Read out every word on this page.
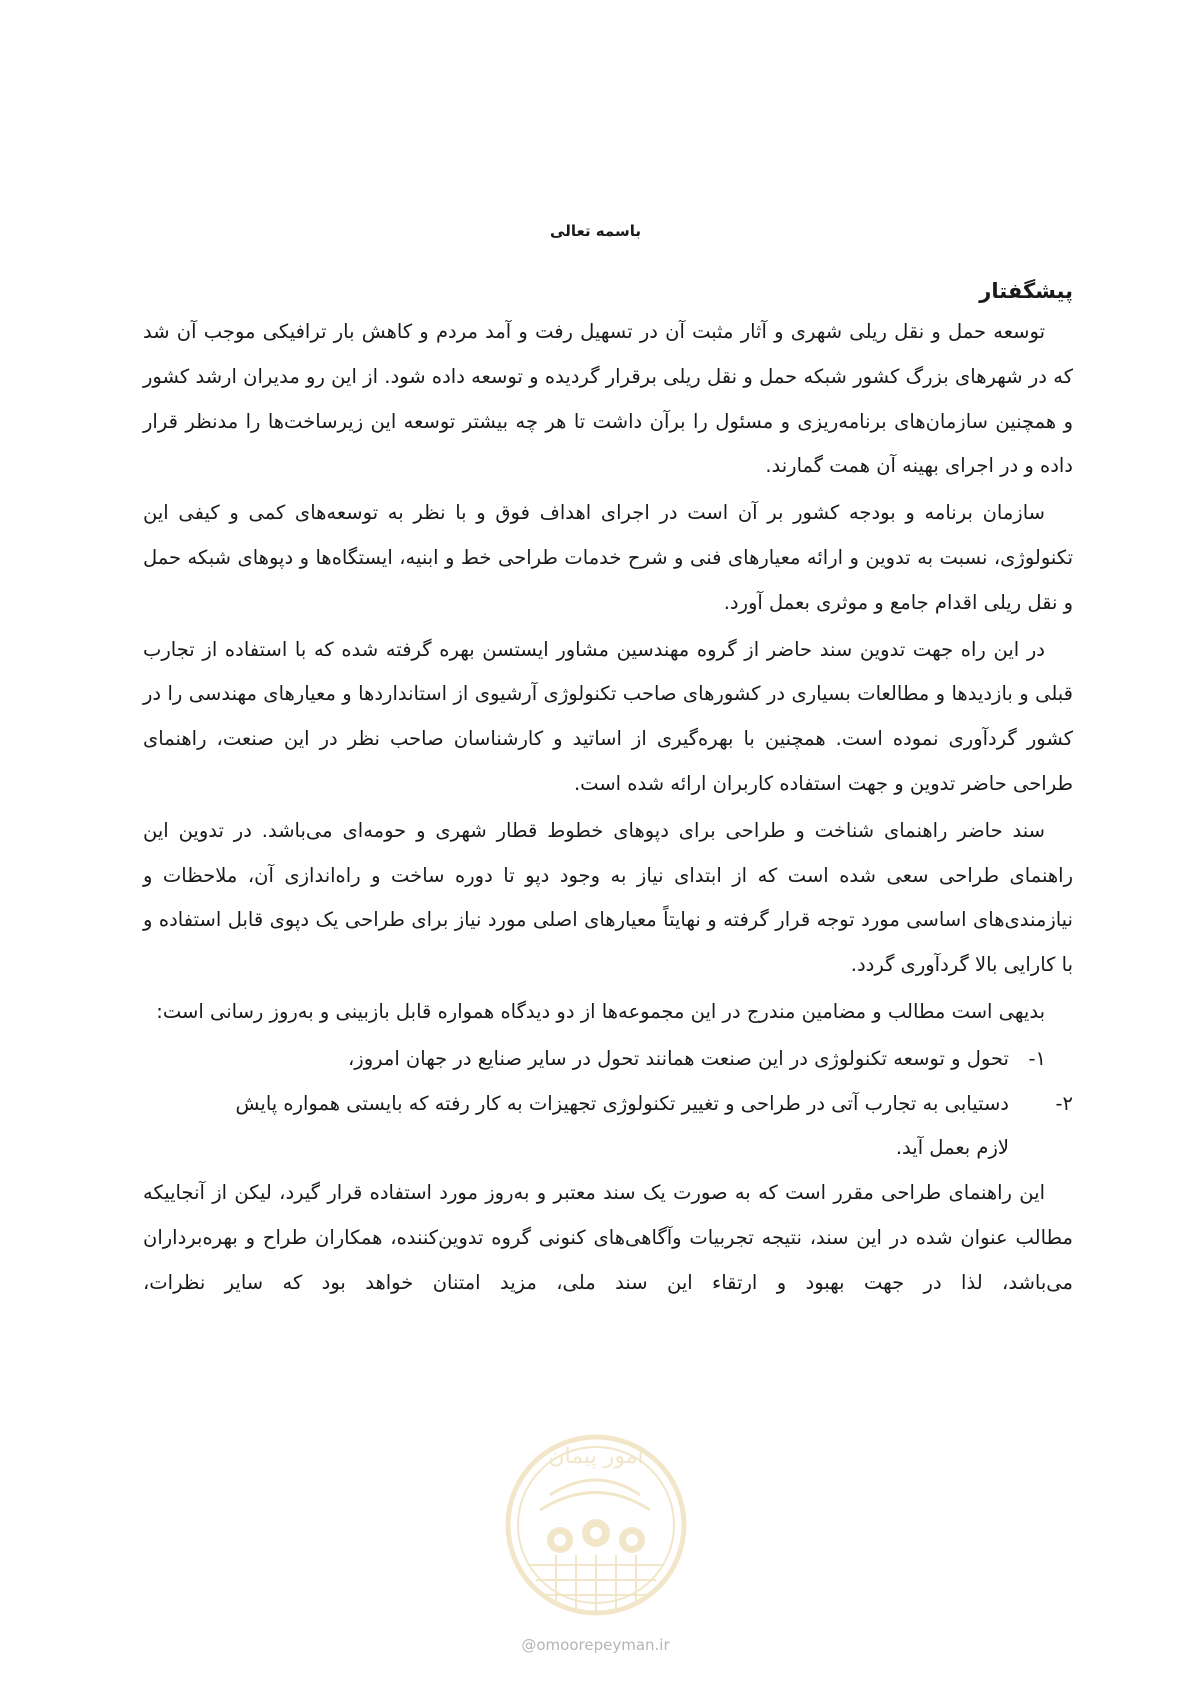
باسمه تعالی
پیشگفتار

توسعه حمل و نقل ریلی شهری و آثار مثبت آن در تسهیل رفت و آمد مردم و کاهش بار ترافیکی موجب آن شد که در شهرهای بزرگ کشور شبکه حمل و نقل ریلی برقرار گردیده و توسعه داده شود. از این رو مدیران ارشد کشور و همچنین سازمان‌های برنامه‌ریزی و مسئول را برآن داشت تا هر چه بیشتر توسعه این زیرساخت‌ها را مدنظر قرار داده و در اجرای بهینه آن همت گمارند.

سازمان برنامه و بودجه کشور بر آن است در اجرای اهداف فوق و با نظر به توسعه‌های کمی و کیفی این تکنولوژی، نسبت به تدوین و ارائه معیارهای فنی و شرح خدمات طراحی خط و ابنیه، ایستگاه‌ها و دپوهای شبکه حمل و نقل ریلی اقدام جامع و موثری بعمل آورد.

در این راه جهت تدوین سند حاضر از گروه مهندسین مشاور ایستسن بهره گرفته شده که با استفاده از تجارب قبلی و بازدیدها و مطالعات بسیاری در کشورهای صاحب تکنولوژی آرشیوی از استانداردها و معیارهای مهندسی را در کشور گردآوری نموده است. همچنین با بهره‌گیری از اساتید و کارشناسان صاحب نظر در این صنعت، راهنمای طراحی حاضر تدوین و جهت استفاده کاربران ارائه شده است.

سند حاضر راهنمای شناخت و طراحی برای دپوهای خطوط قطار شهری و حومه‌ای می‌باشد. در تدوین این راهنمای طراحی سعی شده است که از ابتدای نیاز به وجود دپو تا دوره ساخت و راه‌اندازی آن، ملاحظات و نیازمندی‌های اساسی مورد توجه قرار گرفته و نهایتاً معیارهای اصلی مورد نیاز برای طراحی یک دپوی قابل استفاده و با کارایی بالا گردآوری گردد.

بدیهی است مطالب و مضامین مندرج در این مجموعه‌ها از دو دیدگاه همواره قابل بازبینی و به‌روز رسانی است:

۱-
تحول و توسعه تکنولوژی در این صنعت همانند تحول در سایر صنایع در جهان امروز،
۲-
دستیابی به تجارب آتی در طراحی و تغییر تکنولوژی تجهیزات به کار رفته که بایستی همواره پایش
لازم بعمل آید.

این راهنمای طراحی مقرر است که به صورت یک سند معتبر و به‌روز مورد استفاده قرار گیرد، لیکن از آنجاییکه مطالب عنوان شده در این سند، نتیجه تجربیات وآگاهی‌های کنونی گروه تدوین‌کننده، همکاران طراح و بهره‌برداران می‌باشد، لذا در جهت بهبود و ارتقاء این سند ملی، مزید امتنان خواهد بود که سایر نظرات،

امور پیمان
@omoorepeyman.ir
